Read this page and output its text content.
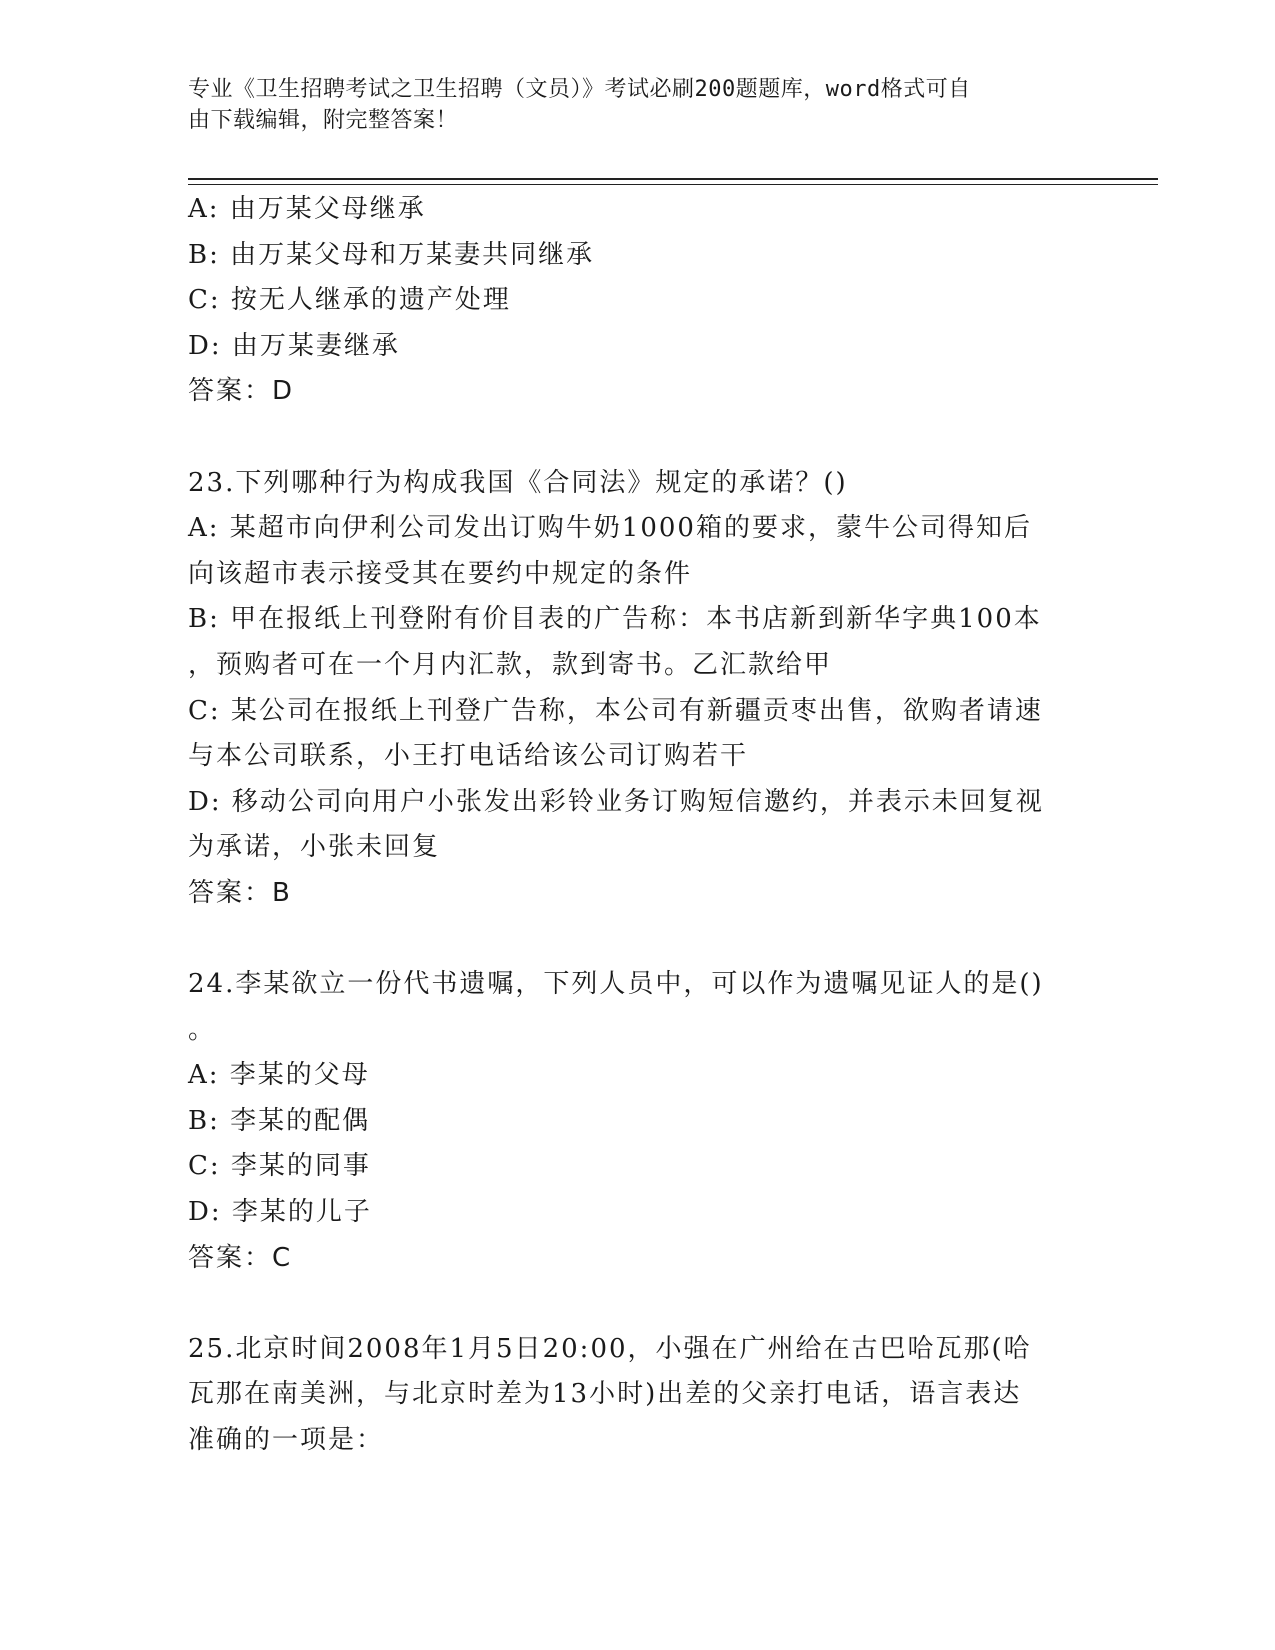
专业《卫生招聘考试之卫生招聘（文员）》考试必刷200题题库，word格式可自
由下载编辑，附完整答案！
A: 由万某父母继承
B: 由万某父母和万某妻共同继承
C: 按无人继承的遗产处理
D: 由万某妻继承
答案：D
23.下列哪种行为构成我国《合同法》规定的承诺？()
A: 某超市向伊利公司发出订购牛奶1000箱的要求，蒙牛公司得知后
向该超市表示接受其在要约中规定的条件
B: 甲在报纸上刊登附有价目表的广告称：本书店新到新华字典100本
，预购者可在一个月内汇款，款到寄书。乙汇款给甲
C: 某公司在报纸上刊登广告称，本公司有新疆贡枣出售，欲购者请速
与本公司联系，小王打电话给该公司订购若干
D: 移动公司向用户小张发出彩铃业务订购短信邀约，并表示未回复视
为承诺，小张未回复
答案：B
24.李某欲立一份代书遗嘱，下列人员中，可以作为遗嘱见证人的是()
。
A: 李某的父母
B: 李某的配偶
C: 李某的同事
D: 李某的儿子
答案：C
25.北京时间2008年1月5日20:00，小强在广州给在古巴哈瓦那(哈
瓦那在南美洲，与北京时差为13小时)出差的父亲打电话，语言表达
准确的一项是：
